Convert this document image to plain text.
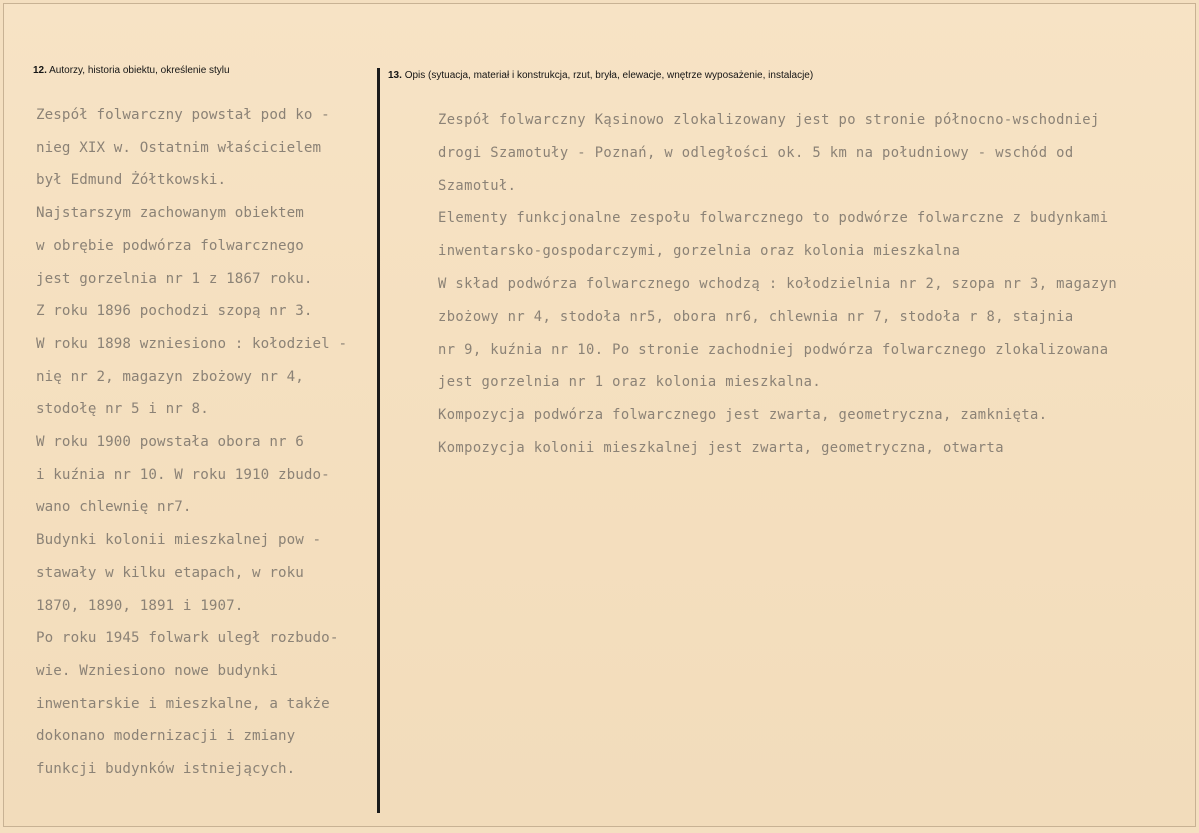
12. Autorzy, historia obiektu, określenie stylu	13. Opis (sytuacja, materiał i konstrukcja, rzut, bryła, elewacje, wnętrze wyposażenie, instalacje)
Zespół folwarczny powstał pod ko -
nieg XIX w. Ostatnim właścicielem
był Edmund Żółtkowski.
Najstarszym zachowanym obiektem
w obrębie podwórza folwarcznego
jest gorzelnia nr 1 z 1867 roku.
Z roku 1896 pochodzi szopą nr 3.
W roku 1898 wzniesiono : kołodziel -
nię nr 2, magazyn zbożowy nr 4,
stodołę nr 5 i nr 8.
W roku 1900 powstała obora nr 6
i kuźnia nr 10. W roku 1910 zbudo-
wano chlewnię nr7.
Budynki kolonii mieszkalnej pow -
stawały w kilku etapach, w roku
1870, 1890, 1891 i 1907.
Po roku 1945 folwark uległ rozbudo-
wie. Wzniesiono nowe budynki
inwentarskie i mieszkalne, a także
dokonano modernizacji i zmiany
funkcji budynków istniejących.
Zespół folwarczny Kąsinowo zlokalizowany jest po stronie północno-wschodniej
drogi Szamotuły - Poznań, w odległości ok. 5 km na południowy - wschód od
Szamotuł.
Elementy funkcjonalne zespołu folwarcznego to podwórze folwarczne z budynkami
inwentarsko-gospodarczymi, gorzelnia oraz kolonia mieszkalna
W skład podwórza folwarcznego wchodzą : kołodzielnia nr 2, szopa nr 3, magazyn
zbożowy nr 4, stodoła nr5, obora nr6, chlewnia nr 7, stodoła r 8, stajnia
nr 9, kuźnia nr 10. Po stronie zachodniej podwórza folwarcznego zlokalizowana
jest gorzelnia nr 1 oraz kolonia mieszkalna.
Kompozycja podwórza folwarcznego jest zwarta, geometryczna, zamknięta.
Kompozycja kolonii mieszkalnej jest zwarta, geometryczna, otwarta
